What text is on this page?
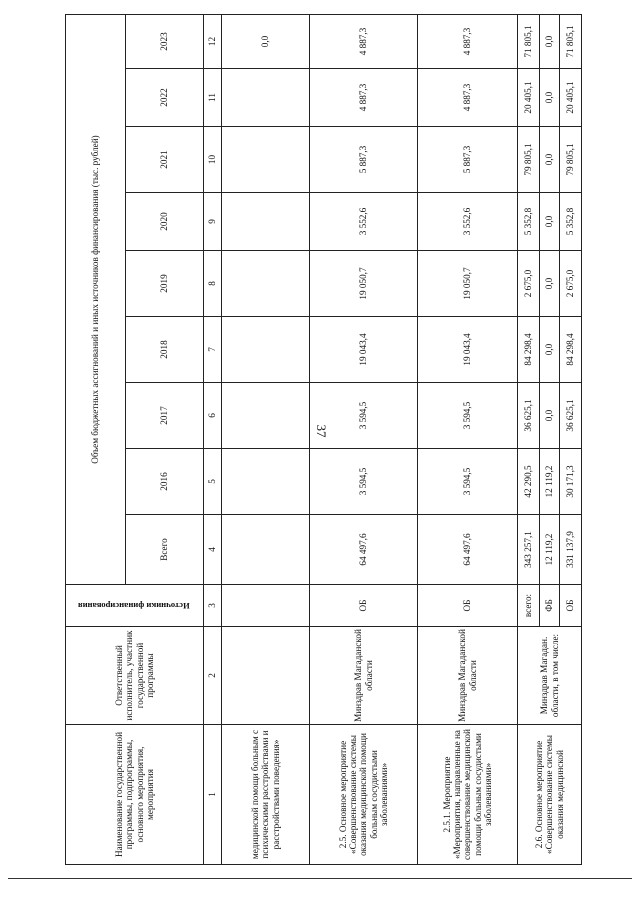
37
Наименование государственной программы, подпрограммы, основного мероприятия, мероприятия	Ответственный исполнитель, участник государственной программы	Источники финансирования	Объем бюджетных ассигнований и иных источников финансирования (тыс. рублей)								
			Всего	2016	2017	2018	2019	2020	2021	2022	2023
1	2	3	4	5	6	7	8	9	10	11	12
медицинской помощи больным с психическими расстройствами и расстройствами поведения»											0,0
2.5. Основное мероприятие «Совершенствование системы оказания медицинской помощи больным сосудистыми заболеваниями»	Минздрав Магаданской области	ОБ	64 497,6	3 594,5	3 594,5	19 043,4	19 050,7	3 552,6	5 887,3	4 887,3	4 887,3
2.5.1. Мероприятие «Мероприятия, направленные на совершенствование медицинской помощи больным сосудистыми заболеваниями»	Минздрав Магаданской области	ОБ	64 497,6	3 594,5	3 594,5	19 043,4	19 050,7	3 552,6	5 887,3	4 887,3	4 887,3
2.6. Основное мероприятие «Совершенствование системы оказания медицинской	Минздрав Магадан. области, в том числе:	всего:	343 257,1	42 290,5	36 625,1	84 298,4	2 675,0	5 352,8	79 805,1	20 405,1	71 805,1
		ФБ	12 119,2	12 119,2	0,0	0,0	0,0	0,0	0,0	0,0	0,0
		ОБ	331 137,9	30 171,3	36 625,1	84 298,4	2 675,0	5 352,8	79 805,1	20 405,1	71 805,1
